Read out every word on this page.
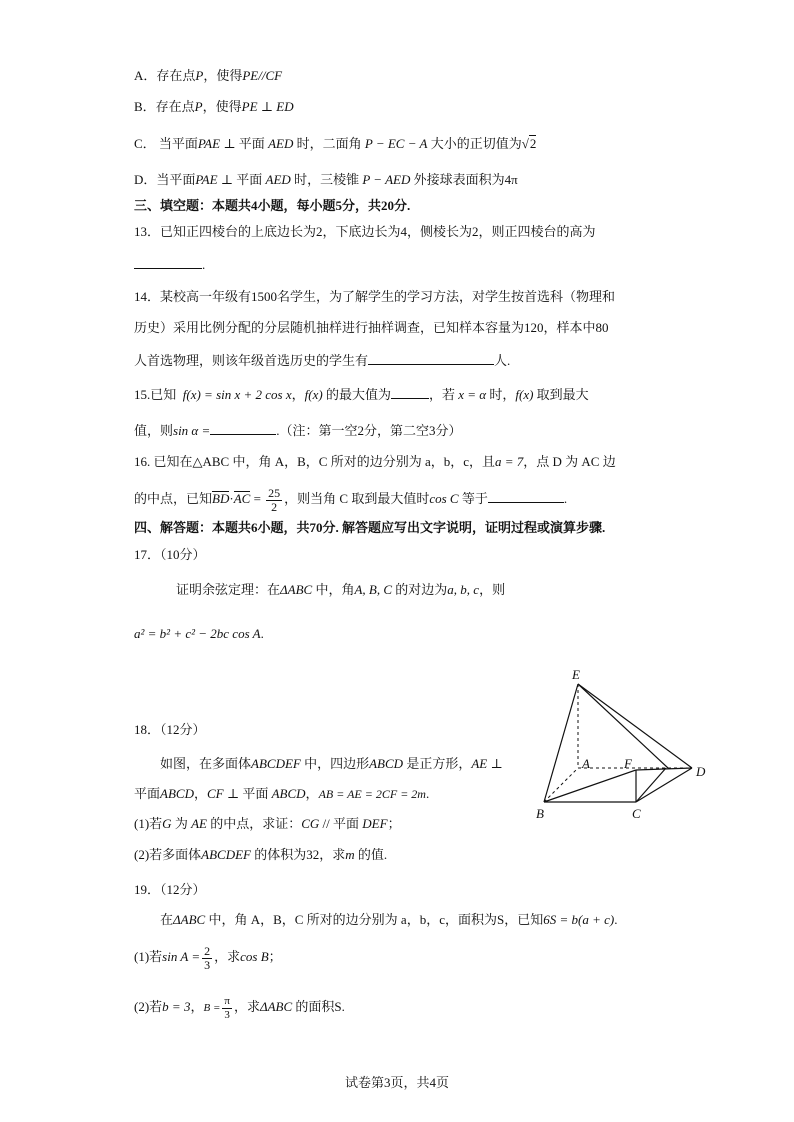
A．存在点P，使得PE//CF
B．存在点P，使得PE ⊥ ED
C． 当平面PAE ⊥ 平面 AED 时，二面角 P − EC − A 大小的正切值为√2
D．当平面PAE ⊥ 平面 AED 时，三棱锥 P − AED 外接球表面积为4π
三、填空题：本题共4小题，每小题5分，共20分.
13．已知正四棱台的上底边长为2，下底边长为4，侧棱长为2，则正四棱台的高为
.
14．某校高一年级有1500名学生，为了解学生的学习方法，对学生按首选科（物理和
历史）采用比例分配的分层随机抽样进行抽样调查，已知样本容量为120，样本中80
人首选物理，则该年级首选历史的学生有	人.
15.已知 f(x) = sin x + 2 cos x，f(x) 的最大值为	，若 x = α 时，f(x) 取到最大
值，则sin α =	.（注：第一空2分，第二空3分）
16. 已知在△ABC 中，角 A，B，C 所对的边分别为 a，b，c，且a = 7，点 D 为 AC 边
的中点，已知$BD\cdot AC = \frac{25}{2}$ ，则当角 C 取到最大值时cos C 等于	.
四、解答题：本题共6小题，共70分. 解答题应写出文字说明，证明过程或演算步骤.
17．（10分）
证明余弦定理：在ΔABC 中，角A, B, C 的对边为a, b, c，则
a² = b² + c² − 2bc cos A.
18．（12分）
如图，在多面体ABCDEF 中，四边形ABCD 是正方形，AE ⊥
平面ABCD，CF ⊥ 平面 ABCD，AB = AE = 2CF = 2m.
(1)若G 为 AE 的中点，求证：CG // 平面 DEF；
(2)若多面体ABCDEF 的体积为32，求m 的值.
E
A	F
D
B	C
19．（12分）
在ΔABC 中，角 A，B，C 所对的边分别为 a，b，c，面积为S，已知6S = b(a + c).
(1)若$\sin A = \frac{2}{3}$ ，求cos B；
(2)若b = 3，$B = \frac{\pi}{3}$ ，求ΔABC 的面积S.
试卷第3页，共4页
